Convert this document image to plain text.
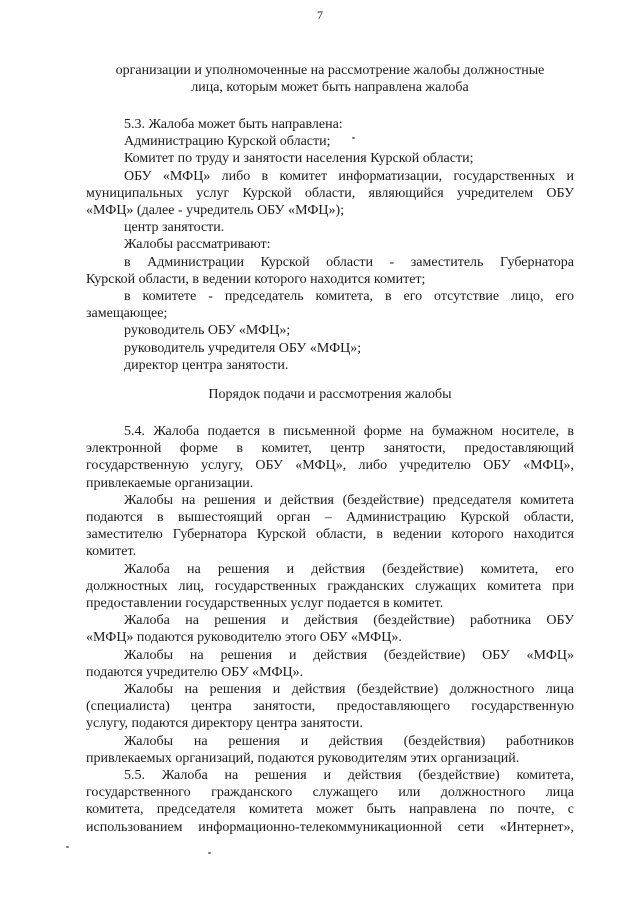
7
организации и уполномоченные на рассмотрение жалобы должностные
лица, которым может быть направлена жалоба
5.3. Жалоба может быть направлена:
Администрацию Курской области;
Комитет по труду и занятости населения Курской области;
ОБУ «МФЦ» либо в комитет информатизации, государственных и
муниципальных услуг Курской области, являющийся учредителем ОБУ
«МФЦ» (далее - учредитель ОБУ «МФЦ»);
центр занятости.
Жалобы рассматривают:
в Администрации Курской области - заместитель Губернатора
Курской области, в ведении которого находится комитет;
в комитете - председатель комитета, в его отсутствие лицо, его
замещающее;
руководитель ОБУ «МФЦ»;
руководитель учредителя ОБУ «МФЦ»;
директор центра занятости.
Порядок подачи и рассмотрения жалобы
5.4. Жалоба подается в письменной форме на бумажном носителе, в
электронной форме в комитет, центр занятости, предоставляющий
государственную услугу, ОБУ «МФЦ», либо учредителю ОБУ «МФЦ»,
привлекаемые организации.
Жалобы на решения и действия (бездействие) председателя комитета
подаются в вышестоящий орган – Администрацию Курской области,
заместителю Губернатора Курской области, в ведении которого находится
комитет.
Жалоба на решения и действия (бездействие) комитета, его
должностных лиц, государственных гражданских служащих комитета при
предоставлении государственных услуг подается в комитет.
Жалоба на решения и действия (бездействие) работника ОБУ
«МФЦ» подаются руководителю этого ОБУ «МФЦ».
Жалобы на решения и действия (бездействие) ОБУ «МФЦ»
подаются учредителю ОБУ «МФЦ».
Жалобы на решения и действия (бездействие) должностного лица
(специалиста) центра занятости, предоставляющего государственную
услугу, подаются директору центра занятости.
Жалобы на решения и действия (бездействия) работников
привлекаемых организаций, подаются руководителям этих организаций.
5.5. Жалоба на решения и действия (бездействие) комитета,
государственного гражданского служащего или должностного лица
комитета, председателя комитета может быть направлена по почте, с
использованием информационно-телекоммуникационной сети «Интернет»,
